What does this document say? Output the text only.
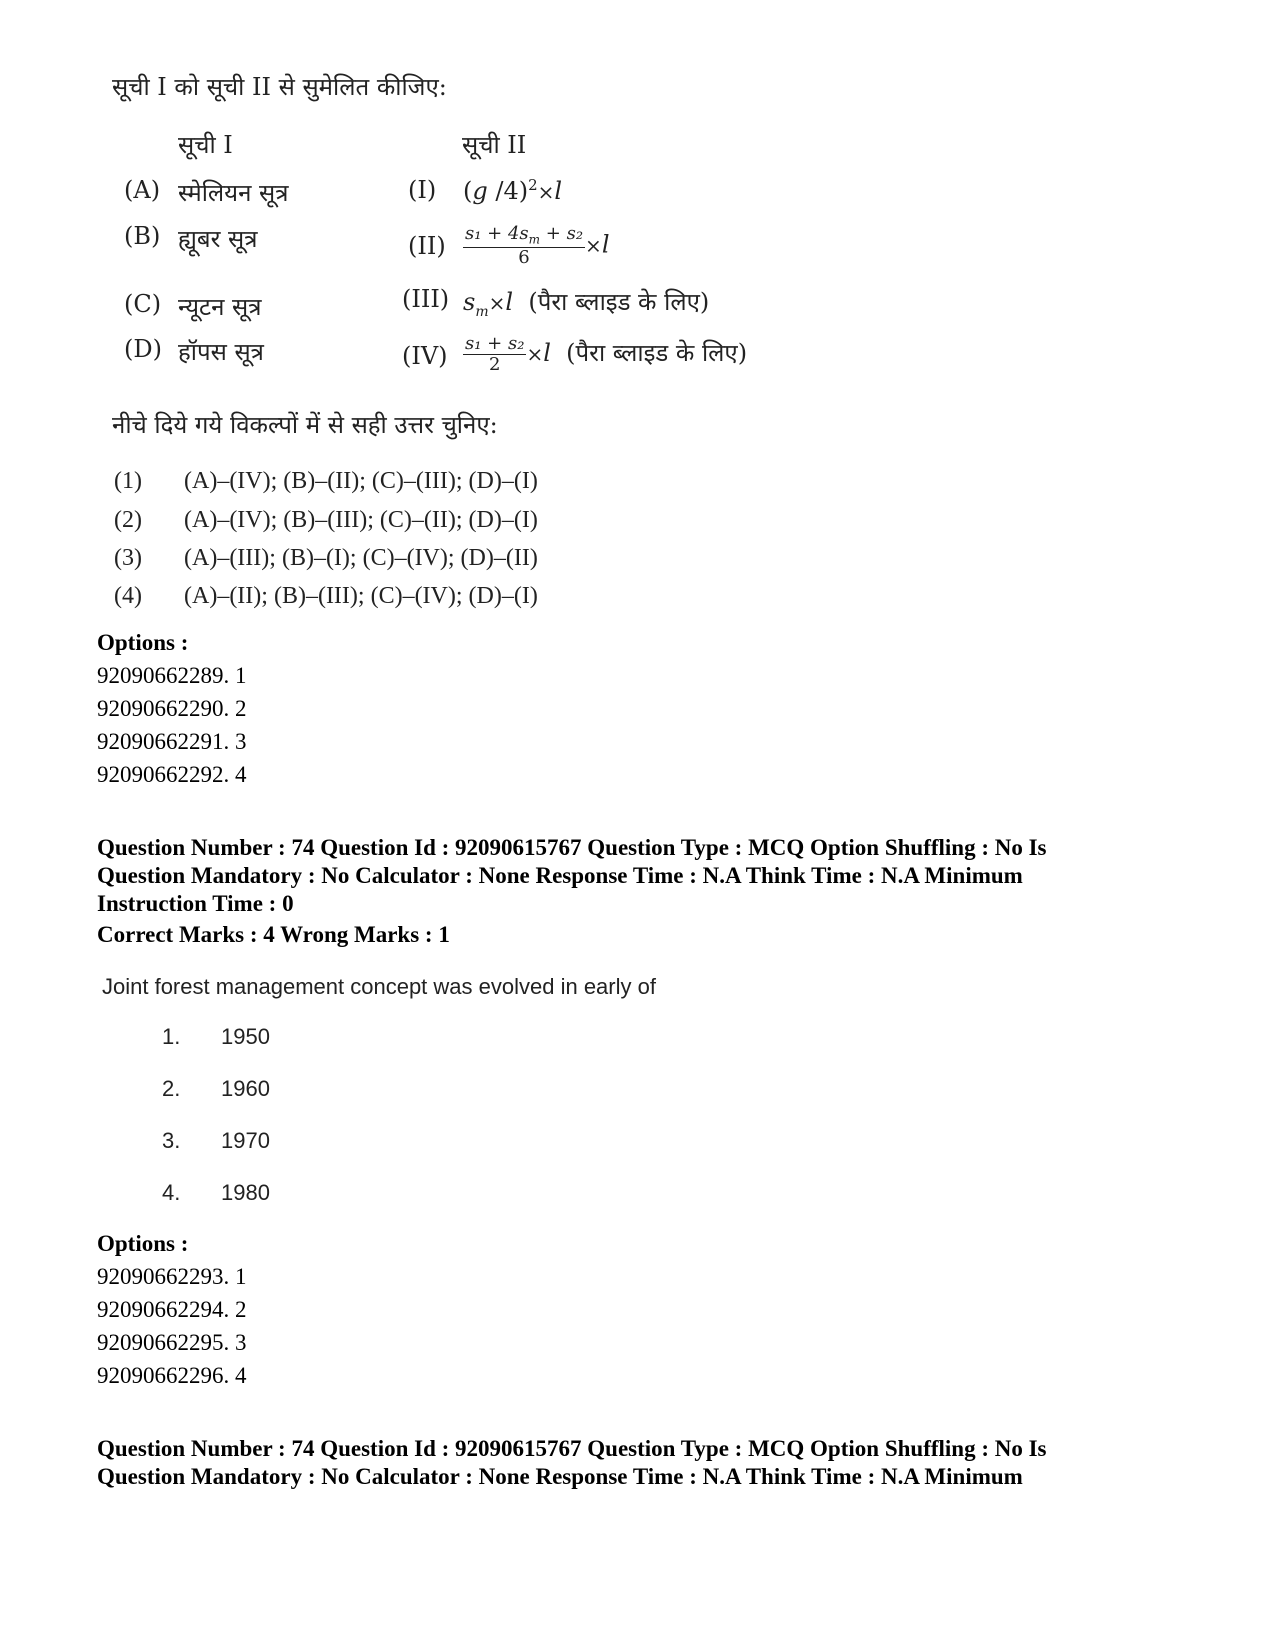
सूची I को सूची II से सुमेलित कीजिए:
सूची I	सूची II
(A) स्मेलियन सूत्र
(B) ह्यूबर सूत्र
(C) न्यूटन सूत्र
(D) हॉपस सूत्र
(I) (g /4)$^2$×l
$(II) \frac{s_1 + 4s_m + s_2}{6} \times l$
(III) $s_m\times l$ (पैरा ब्लाइड के लिए)
$(IV) \frac{\text{s₁ + s₂}}{2} \times l$ (पैरा ब्लाइड के लिए)
नीचे दिये गये विकल्पों में से सही उत्तर चुनिए:
(1) (A)–(IV); (B)–(II); (C)–(III); (D)–(I)
(2) (A)–(IV); (B)–(III); (C)–(II); (D)–(I)
(3) (A)–(III); (B)–(I); (C)–(IV); (D)–(II)
(4) (A)–(II); (B)–(III); (C)–(IV); (D)–(I)
Options :
92090662289. 1
92090662290. 2
92090662291. 3
92090662292. 4
Question Number : 74 Question Id : 92090615767 Question Type : MCQ Option Shuffling : No Is
Question Mandatory : No Calculator : None Response Time : N.A Think Time : N.A Minimum
Instruction Time : 0
Correct Marks : 4 Wrong Marks : 1
Joint forest management concept was evolved in early of
1. 1950
2. 1960
3. 1970
4. 1980
Options :
92090662293. 1
92090662294. 2
92090662295. 3
92090662296. 4
Question Number : 74 Question Id : 92090615767 Question Type : MCQ Option Shuffling : No Is
Question Mandatory : No Calculator : None Response Time : N.A Think Time : N.A Minimum
